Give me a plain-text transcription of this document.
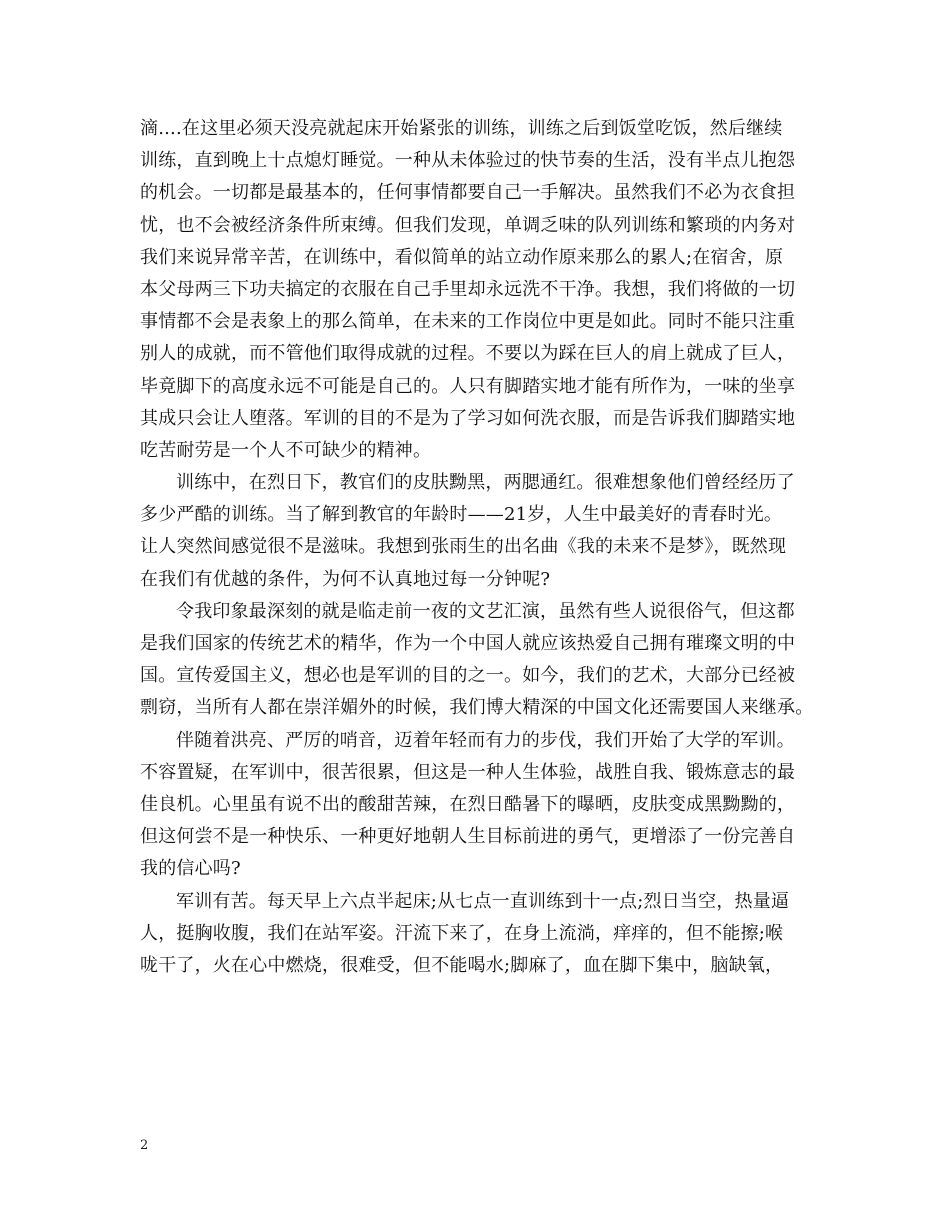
滴....在这里必须天没亮就起床开始紧张的训练，训练之后到饭堂吃饭，然后继续
训练，直到晚上十点熄灯睡觉。一种从未体验过的快节奏的生活，没有半点儿抱怨
的机会。一切都是最基本的，任何事情都要自己一手解决。虽然我们不必为衣食担
忧，也不会被经济条件所束缚。但我们发现，单调乏味的队列训练和繁琐的内务对
我们来说异常辛苦，在训练中，看似简单的站立动作原来那么的累人;在宿舍，原
本父母两三下功夫搞定的衣服在自己手里却永远洗不干净。我想，我们将做的一切
事情都不会是表象上的那么简单，在未来的工作岗位中更是如此。同时不能只注重
别人的成就，而不管他们取得成就的过程。不要以为踩在巨人的肩上就成了巨人，
毕竟脚下的高度永远不可能是自己的。人只有脚踏实地才能有所作为，一味的坐享
其成只会让人堕落。军训的目的不是为了学习如何洗衣服，而是告诉我们脚踏实地
吃苦耐劳是一个人不可缺少的精神。
训练中，在烈日下，教官们的皮肤黝黑，两腮通红。很难想象他们曾经经历了
多少严酷的训练。当了解到教官的年龄时——21岁，人生中最美好的青春时光。
让人突然间感觉很不是滋味。我想到张雨生的出名曲《我的未来不是梦》，既然现
在我们有优越的条件，为何不认真地过每一分钟呢?
令我印象最深刻的就是临走前一夜的文艺汇演，虽然有些人说很俗气，但这都
是我们国家的传统艺术的精华，作为一个中国人就应该热爱自己拥有璀璨文明的中
国。宣传爱国主义，想必也是军训的目的之一。如今，我们的艺术，大部分已经被
剽窃，当所有人都在崇洋媚外的时候，我们博大精深的中国文化还需要国人来继承。
伴随着洪亮、严厉的哨音，迈着年轻而有力的步伐，我们开始了大学的军训。
不容置疑，在军训中，很苦很累，但这是一种人生体验，战胜自我、锻炼意志的最
佳良机。心里虽有说不出的酸甜苦辣，在烈日酷暑下的曝晒，皮肤变成黑黝黝的，
但这何尝不是一种快乐、一种更好地朝人生目标前进的勇气，更增添了一份完善自
我的信心吗?
军训有苦。每天早上六点半起床;从七点一直训练到十一点;烈日当空，热量逼
人，挺胸收腹，我们在站军姿。汗流下来了，在身上流淌，痒痒的，但不能擦;喉
咙干了，火在心中燃烧，很难受，但不能喝水;脚麻了，血在脚下集中，脑缺氧，
2
